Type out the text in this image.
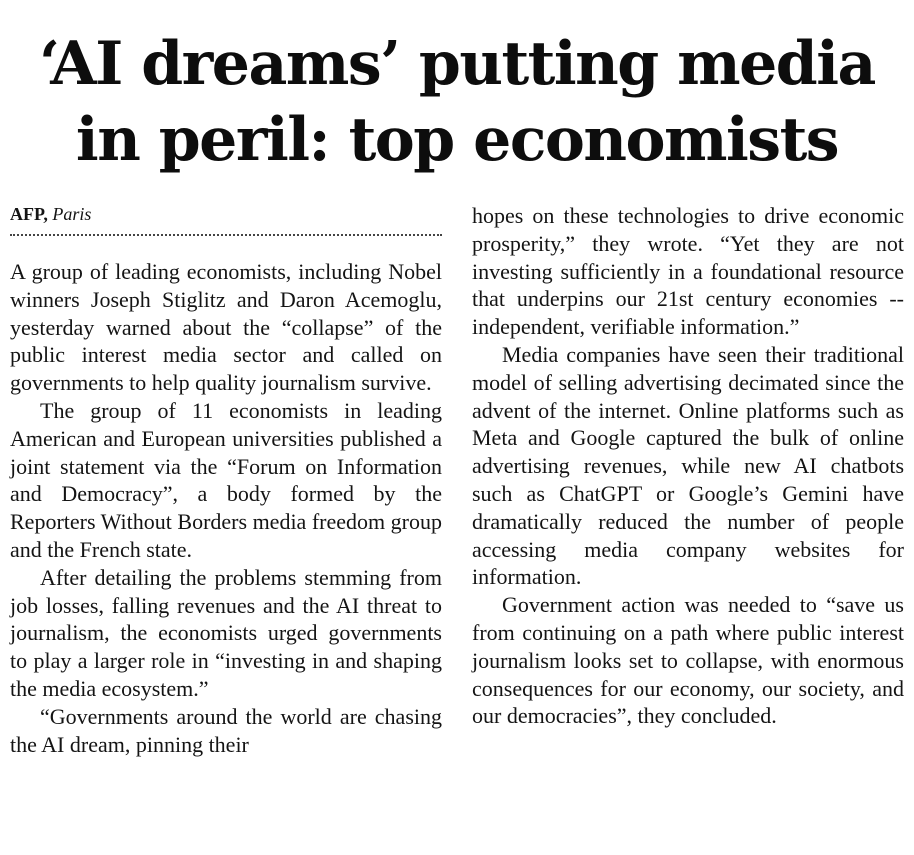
‘AI dreams’ putting media
in peril: top economists
AFP, Paris

A group of leading economists, including Nobel winners Joseph Stiglitz and Daron Acemoglu, yesterday warned about the “collapse” of the public interest media sector and called on governments to help quality journalism survive.

The group of 11 economists in leading American and European universities published a joint statement via the “Forum on Information and Democracy”, a body formed by the Reporters Without Borders media freedom group and the French state.

After detailing the problems stemming from job losses, falling revenues and the AI threat to journalism, the economists urged governments to play a larger role in “investing in and shaping the media ecosystem.”

“Governments around the world are chasing the AI dream, pinning their

hopes on these technologies to drive economic prosperity,” they wrote. “Yet they are not investing sufficiently in a foundational resource that underpins our 21st century economies -- independent, verifiable information.”

Media companies have seen their traditional model of selling advertising decimated since the advent of the internet. Online platforms such as Meta and Google captured the bulk of online advertising revenues, while new AI chatbots such as ChatGPT or Google’s Gemini have dramatically reduced the number of people accessing media company websites for information.

Government action was needed to “save us from continuing on a path where public interest journalism looks set to collapse, with enormous consequences for our economy, our society, and our democracies”, they concluded.
